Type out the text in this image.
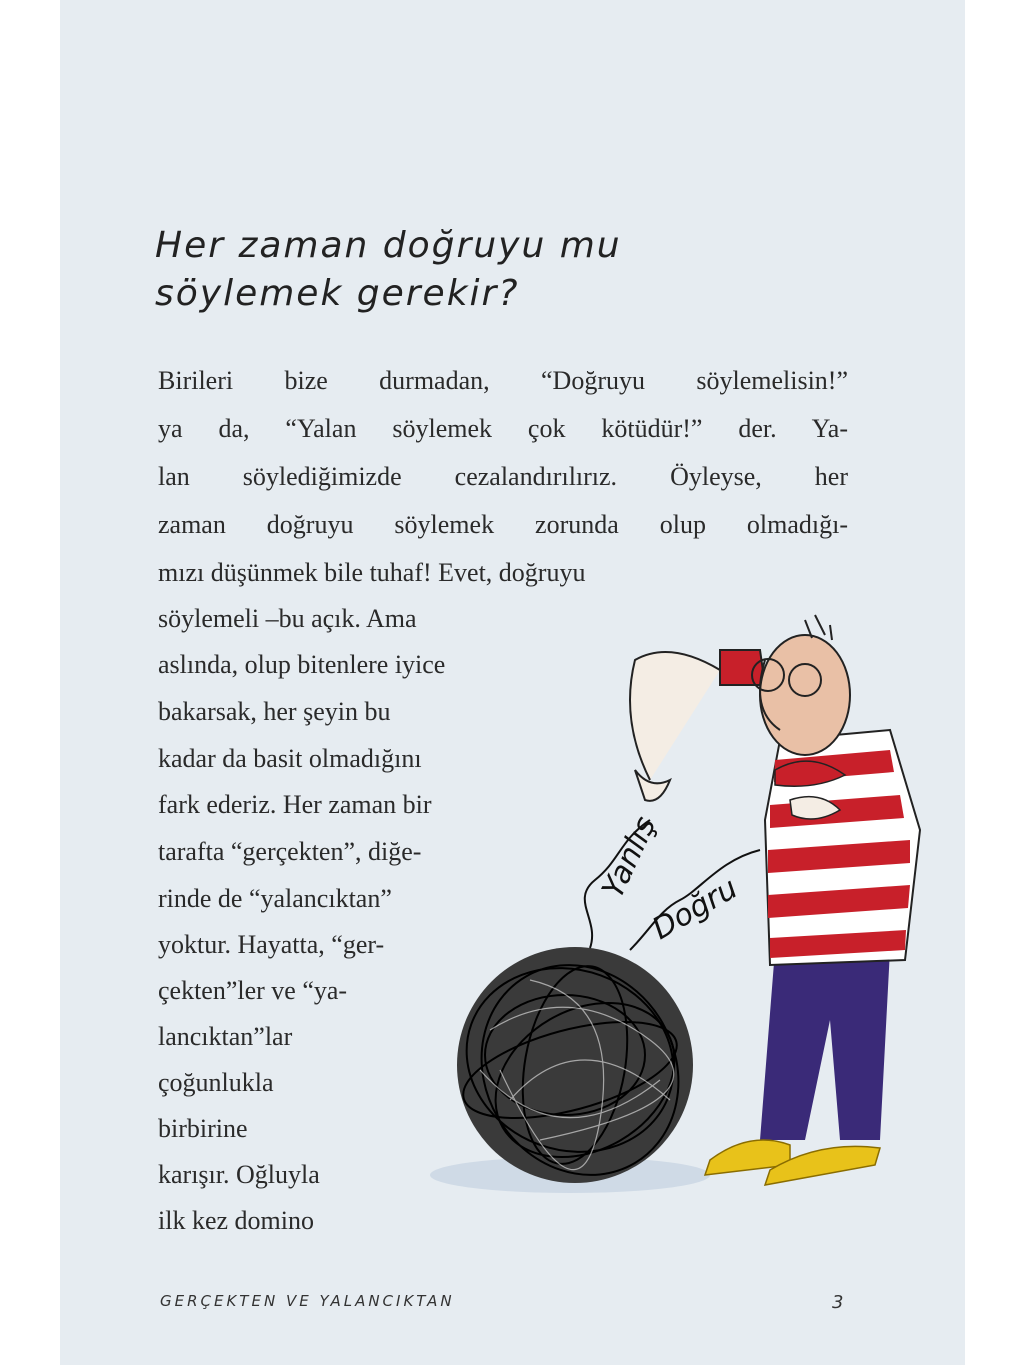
Her zaman doğruyu mu
söylemek gerekir?
Birileri bize durmadan, “Doğruyu söylemelisin!”
ya da, “Yalan söylemek çok kötüdür!” der. Ya-
lan söylediğimizde cezalandırılırız. Öyleyse, her
zaman doğruyu söylemek zorunda olup olmadığı-
mızı düşünmek bile tuhaf! Evet, doğruyu
söylemeli –bu açık. Ama
aslında, olup bitenlere iyice
bakarsak, her şeyin bu
kadar da basit olmadığını
fark ederiz. Her zaman bir
tarafta “gerçekten”, diğe-
rinde de “yalancıktan”
yoktur. Hayatta, “ger-
çekten”ler ve “ya-
lancıktan”lar
çoğunlukla
birbirine
karışır. Oğluyla
ilk kez domino
Yanlış
Doğru
GERÇEKTEN VE YALANCIKTAN	3
